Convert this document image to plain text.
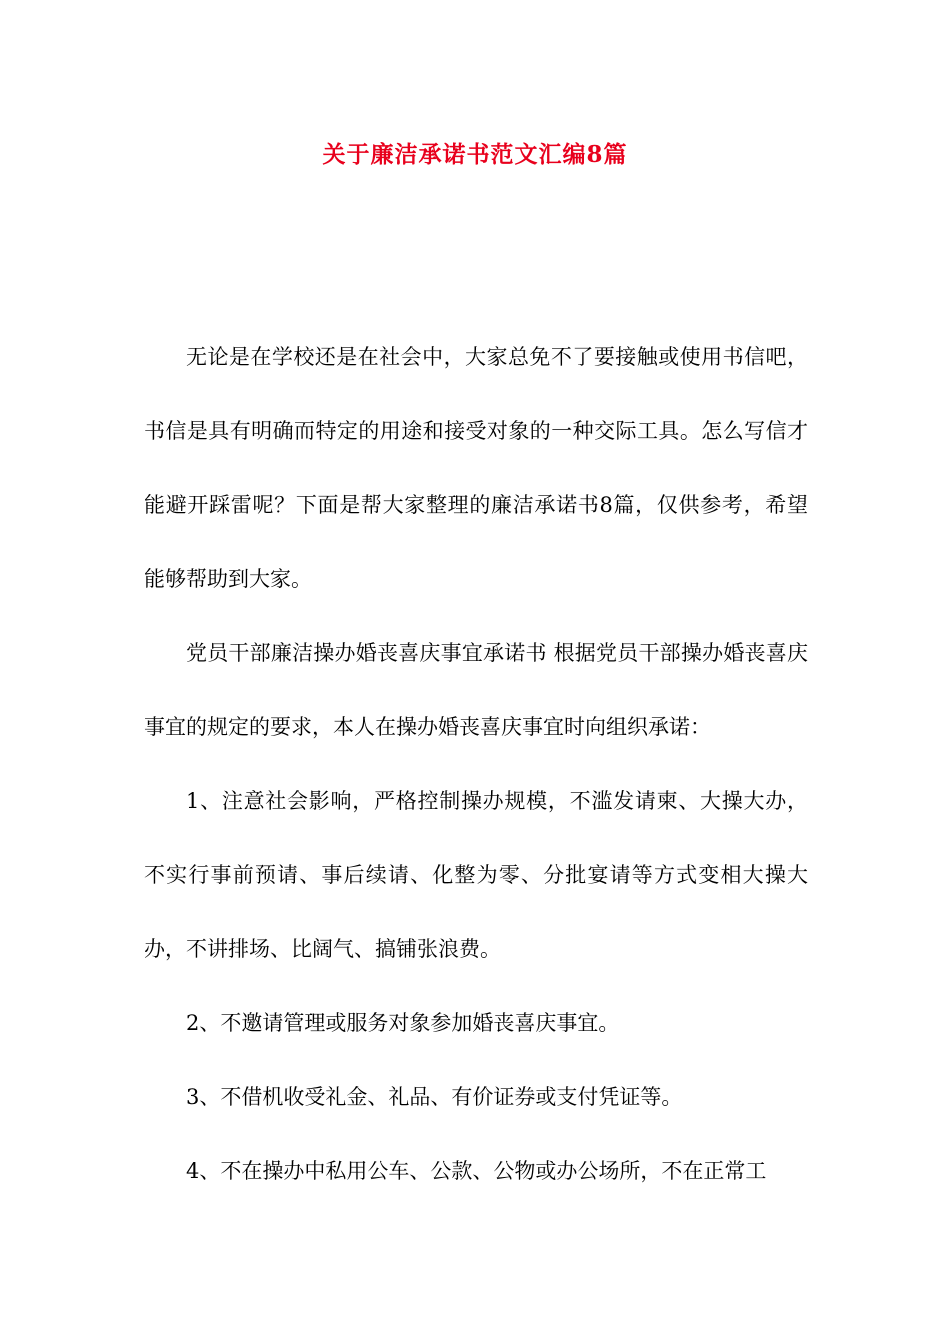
关于廉洁承诺书范文汇编8篇

无论是在学校还是在社会中，大家总免不了要接触或使用书信吧，书信是具有明确而特定的用途和接受对象的一种交际工具。怎么写信才能避开踩雷呢？下面是帮大家整理的廉洁承诺书8篇，仅供参考，希望能够帮助到大家。

党员干部廉洁操办婚丧喜庆事宜承诺书 根据党员干部操办婚丧喜庆事宜的规定的要求，本人在操办婚丧喜庆事宜时向组织承诺：

1、注意社会影响，严格控制操办规模，不滥发请柬、大操大办，不实行事前预请、事后续请、化整为零、分批宴请等方式变相大操大办，不讲排场、比阔气、搞铺张浪费。

2、不邀请管理或服务对象参加婚丧喜庆事宜。

3、不借机收受礼金、礼品、有价证券或支付凭证等。

4、不在操办中私用公车、公款、公物或办公场所，不在正常工
